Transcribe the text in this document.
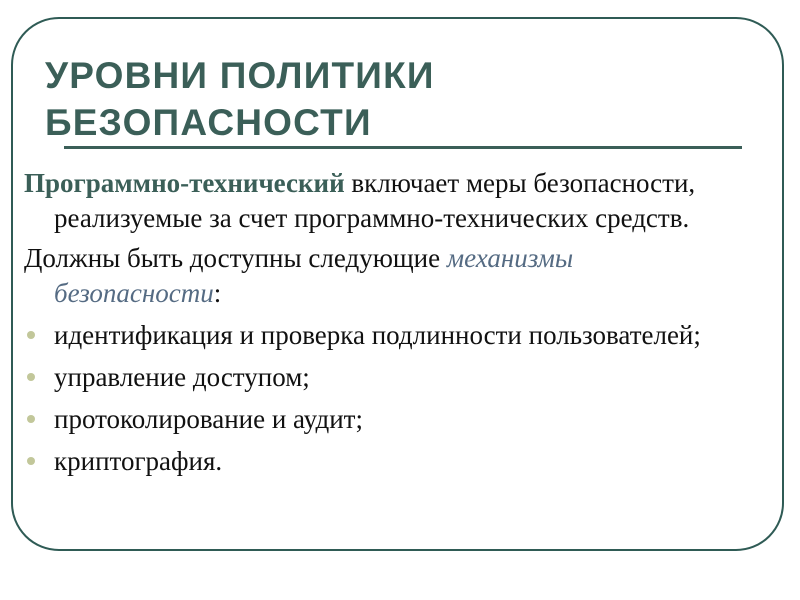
УРОВНИ ПОЛИТИКИ
БЕЗОПАСНОСТИ

Программно-технический включает меры безопасности, реализуемые за счет программно-технических средств.

Должны быть доступны следующие механизмы безопасности:

идентификация и проверка подлинности пользователей;
управление доступом;
протоколирование и аудит;
криптография.
